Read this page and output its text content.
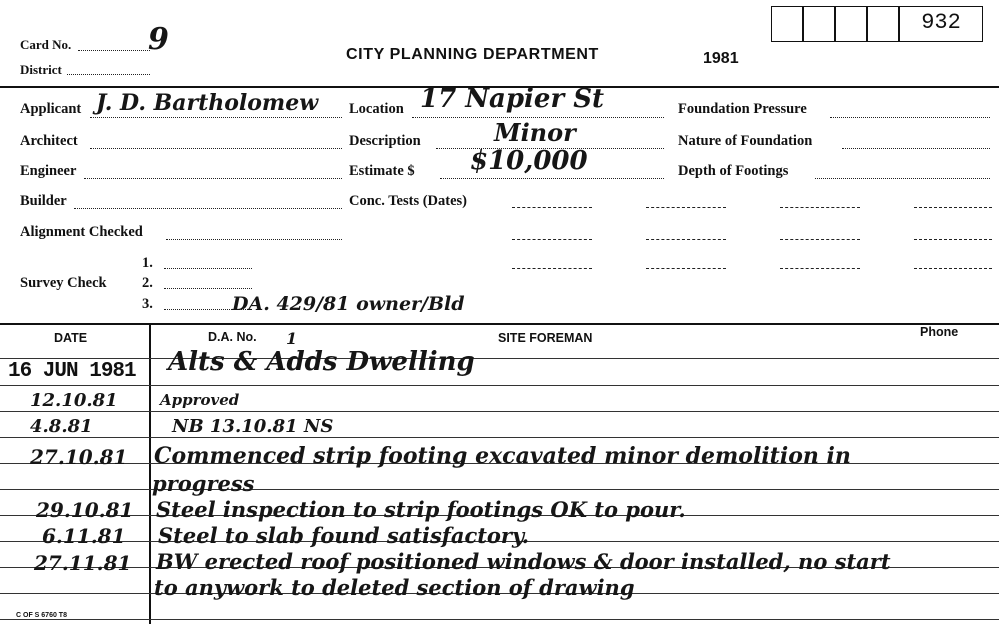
932
Card No.	9
District
CITY PLANNING DEPARTMENT	1981
Applicant J. D. Bartholomew
Architect
Engineer
Builder
Alignment Checked
Survey Check
1.
2.
3.	DA. 429/81 owner/Bld
Location 17 Napier St
Description	Minor
Estimate $ $10,000
Conc. Tests (Dates)
Foundation Pressure
Nature of Foundation
Depth of Footings
DATE	D.A. No. 1	SITE FOREMAN	Phone
16 JUN 1981 Alts & Adds Dwelling
12.10.81	Approved
4.8.81	NB 13.10.81 NS
27.10.81 Commenced strip footing excavated minor demolition in
progress
29.10.81 Steel inspection to strip footings OK to pour.
6.11.81 Steel to slab found satisfactory.
27.11.81 BW erected roof positioned windows & door installed, no start
to anywork to deleted section of drawing
C OF S 6760 T8
